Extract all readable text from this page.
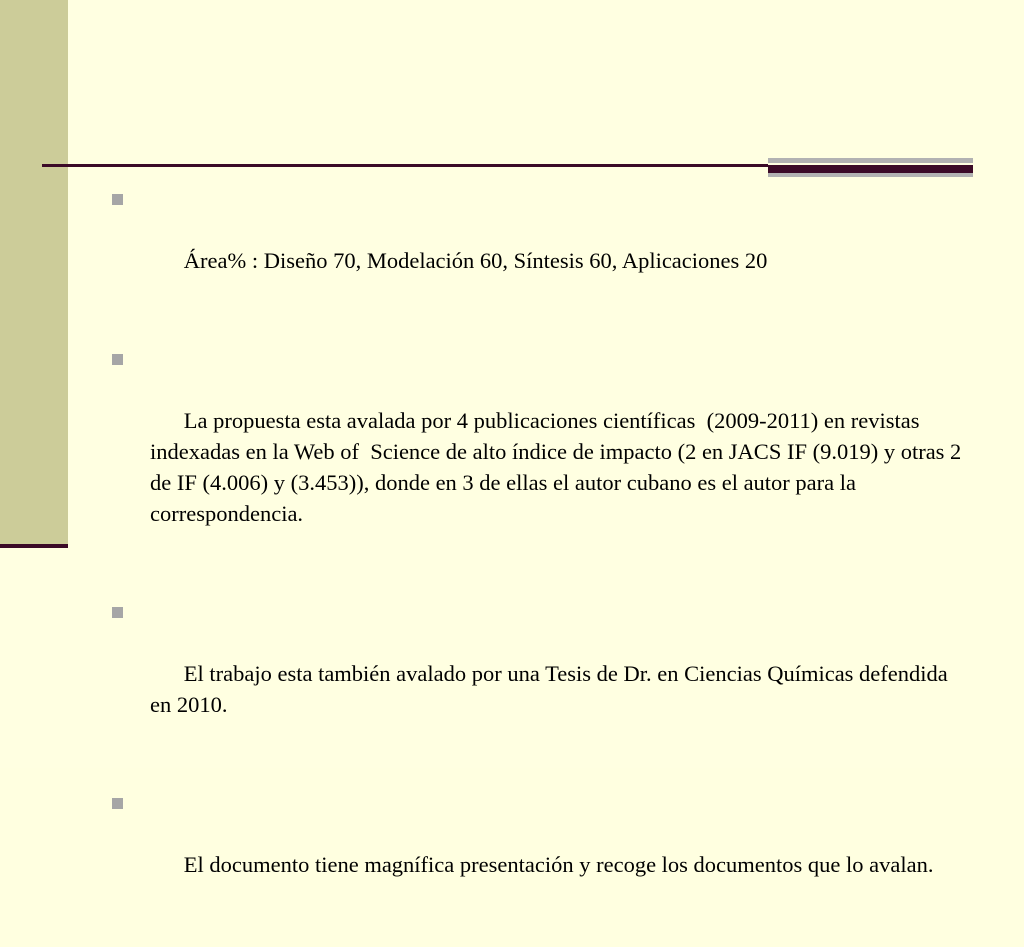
Área% : Diseño 70, Modelación 60, Síntesis 60, Aplicaciones 20

La propuesta esta avalada por 4 publicaciones científicas  (2009-2011) en revistas indexadas en la Web of  Science de alto índice de impacto (2 en JACS IF (9.019) y otras 2 de IF (4.006) y (3.453)), donde en 3 de ellas el autor cubano es el autor para la correspondencia.

El trabajo esta también avalado por una Tesis de Dr. en Ciencias Químicas defendida en 2010.

El documento tiene magnífica presentación y recoge los documentos que lo avalan.
